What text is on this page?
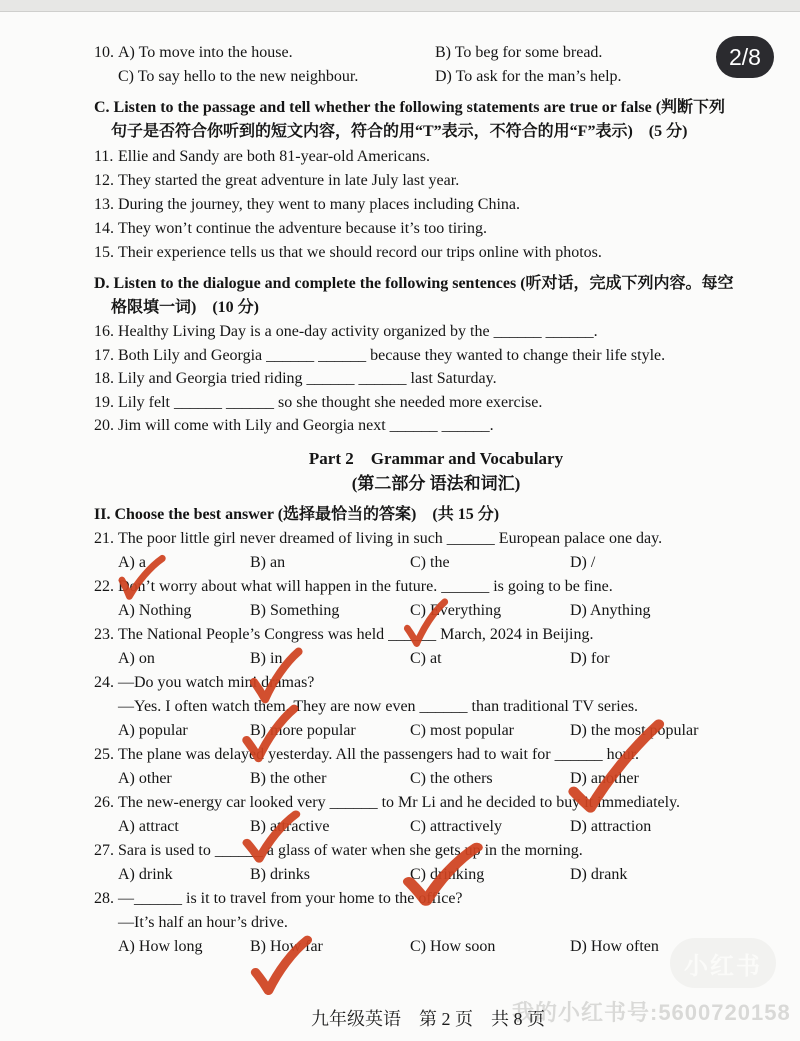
2/8
10. A) To move into the house.	B) To beg for some bread.
C) To say hello to the new neighbour.	D) To ask for the man’s help.
C. Listen to the passage and tell whether the following statements are true or false (判断下列
句子是否符合你听到的短文内容，符合的用“T”表示，不符合的用“F”表示)　(5 分)
11. Ellie and Sandy are both 81-year-old Americans.
12. They started the great adventure in late July last year.
13. During the journey, they went to many places including China.
14. They won’t continue the adventure because it’s too tiring.
15. Their experience tells us that we should record our trips online with photos.
D. Listen to the dialogue and complete the following sentences (听对话，完成下列内容。每空
格限填一词)　(10 分)
16. Healthy Living Day is a one-day activity organized by the ______ ______.
17. Both Lily and Georgia ______ ______ because they wanted to change their life style.
18. Lily and Georgia tried riding ______ ______ last Saturday.
19. Lily felt ______ ______ so she thought she needed more exercise.
20. Jim will come with Lily and Georgia next ______ ______.
Part 2　Grammar and Vocabulary
(第二部分 语法和词汇)
II. Choose the best answer (选择最恰当的答案)　(共 15 分)
21. The poor little girl never dreamed of living in such ______ European palace one day.
A) a	B) an	C) the	D) /
22. Don’t worry about what will happen in the future. ______ is going to be fine.
A) Nothing	B) Something	C) Everything	D) Anything
23. The National People’s Congress was held ______ March, 2024 in Beijing.
A) on	B) in	C) at	D) for
24. —Do you watch mini dramas?
—Yes. I often watch them. They are now even ______ than traditional TV series.
A) popular	B) more popular	C) most popular	D) the most popular
25. The plane was delayed yesterday. All the passengers had to wait for ______ hour.
A) other	B) the other	C) the others	D) another
26. The new-energy car looked very ______ to Mr Li and he decided to buy it immediately.
A) attract	B) attractive	C) attractively	D) attraction
27. Sara is used to ______ a glass of water when she gets up in the morning.
A) drink	B) drinks	C) drinking	D) drank
28. —______ is it to travel from your home to the office?
—It’s half an hour’s drive.
A) How long	B) How far	C) How soon	D) How often
小红书
我的小红书号:5600720158
九年级英语　第 2 页　共 8 页
